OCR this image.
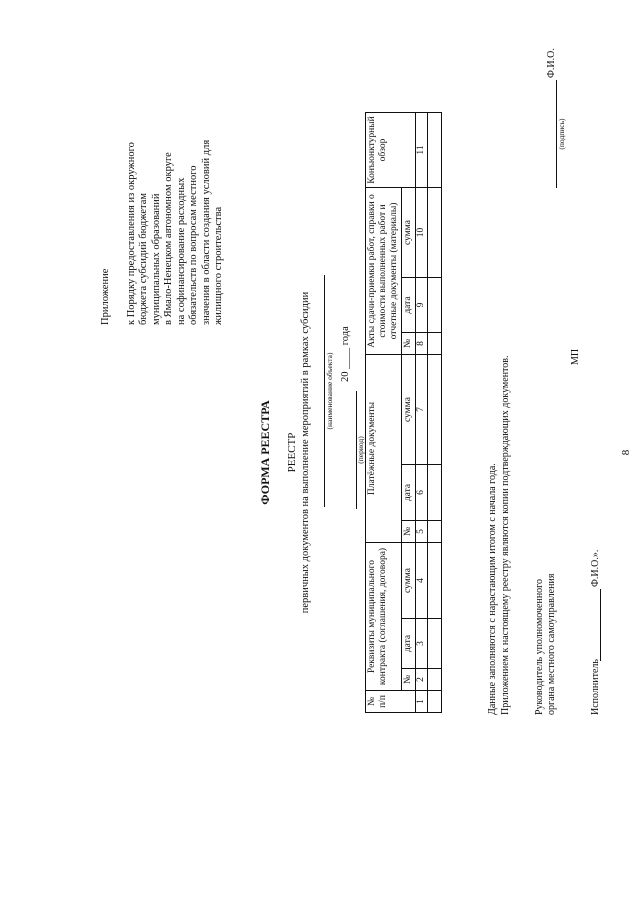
8
Приложение к Порядку предоставления из окружного бюджета субсидий бюджетам муниципальных образований в Ямало-Ненецком автономном округе на софинансирование расходных обязательств по вопросам местного значения в области создания условий для жилищного строительства
ФОРМА РЕЕСТРА РЕЕСТР первичных документов на выполнение мероприятий в рамках субсидии (наименование объекта)
(период)
20 ____ года
№ п/п	Реквизиты муниципального контракта (соглашения, договора)			Платёжные документы			Акты сдачи-приемки работ, справки о стоимости выполненных работ и отчетные документы (материалы)			Конъюнктурный обзор
	№	дата	сумма	№	дата	сумма	№	дата	сумма	
1	2	3	4	5	6	7	8	9	10	11

Данные заполняются с нарастающим итогом с начала года. Приложением к настоящему реестру являются копии подтверждающих документов. Руководитель уполномоченного органа местного самоуправления
(подпись)
Ф.И.О.
МП
Исполнитель
Ф.И.О.».
